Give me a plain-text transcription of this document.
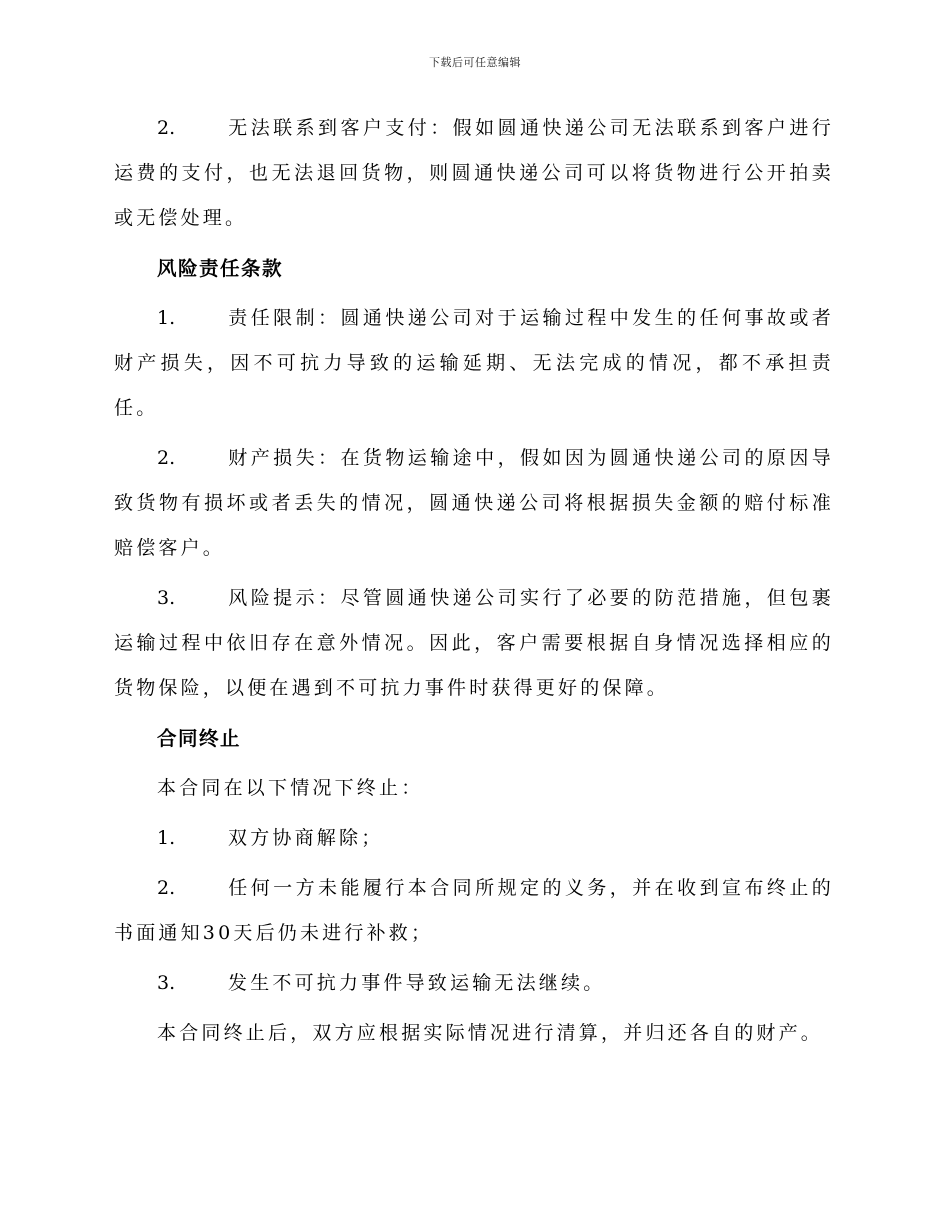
下载后可任意编辑

2.	无法联系到客户支付：假如圆通快递公司无法联系到客户进行运费的支付，也无法退回货物，则圆通快递公司可以将货物进行公开拍卖或无偿处理。

风险责任条款

1.	责任限制：圆通快递公司对于运输过程中发生的任何事故或者财产损失，因不可抗力导致的运输延期、无法完成的情况，都不承担责任。

2.	财产损失：在货物运输途中，假如因为圆通快递公司的原因导致货物有损坏或者丢失的情况，圆通快递公司将根据损失金额的赔付标准赔偿客户。

3.	风险提示：尽管圆通快递公司实行了必要的防范措施，但包裹运输过程中依旧存在意外情况。因此，客户需要根据自身情况选择相应的货物保险，以便在遇到不可抗力事件时获得更好的保障。

合同终止

本合同在以下情况下终止：

1.	双方协商解除；

2.	任何一方未能履行本合同所规定的义务，并在收到宣布终止的书面通知30天后仍未进行补救；

3.	发生不可抗力事件导致运输无法继续。

本合同终止后，双方应根据实际情况进行清算，并归还各自的财产。
